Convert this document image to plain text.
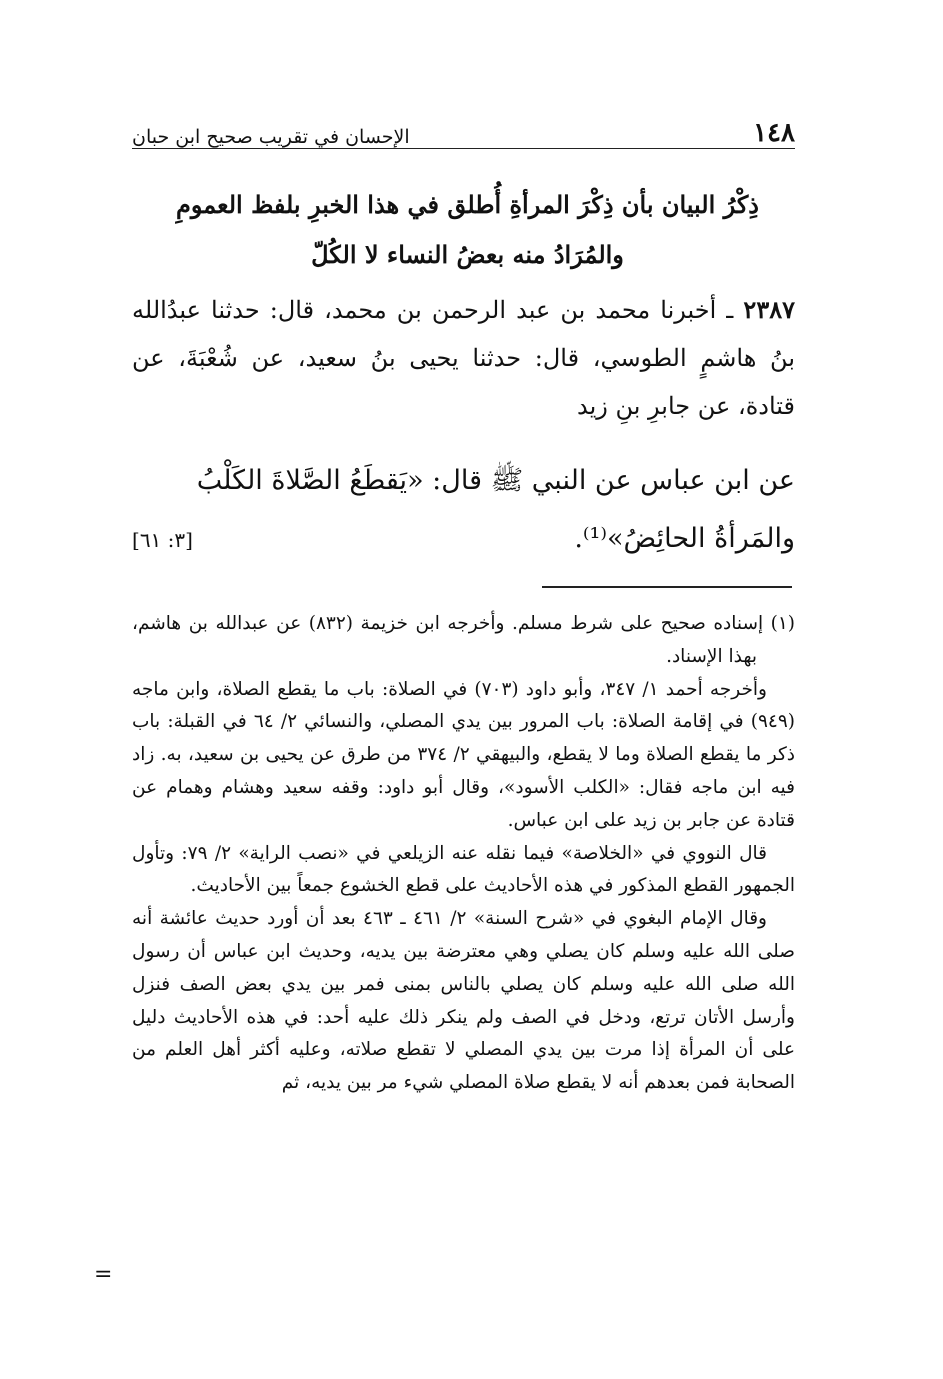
١٤٨
الإحسان في تقريب صحيح ابن حبان
ذِكْرُ البيان بأن ذِكْرَ المرأةِ أُطلق في هذا الخبرِ بلفظ العمومِ
والمُرَادُ منه بعضُ النساء لا الكُلّ
٢٣٨٧ ـ أخبرنا محمد بن عبد الرحمن بن محمد، قال: حدثنا عبدُالله بنُ هاشمٍ الطوسي، قال: حدثنا يحيى بنُ سعيد، عن شُعْبَةَ، عن قتادة، عن جابرِ بنِ زيد
عن ابن عباس عن النبي ﷺ قال: «يَقطَعُ الصَّلاةَ الكَلْبُ
والمَرأةُ الحائِضُ»⁽¹⁾.
[٣: ٦١]

(١) إسناده صحيح على شرط مسلم. وأخرجه ابن خزيمة (٨٣٢) عن عبدالله بن هاشم، بهذا الإسناد.

وأخرجه أحمد ١/ ٣٤٧، وأبو داود (٧٠٣) في الصلاة: باب ما يقطع الصلاة، وابن ماجه (٩٤٩) في إقامة الصلاة: باب المرور بين يدي المصلي، والنسائي ٢/ ٦٤ في القبلة: باب ذكر ما يقطع الصلاة وما لا يقطع، والبيهقي ٢/ ٣٧٤ من طرق عن يحيى بن سعيد، به. زاد فيه ابن ماجه فقال: «الكلب الأسود»، وقال أبو داود: وقفه سعيد وهشام وهمام عن قتادة عن جابر بن زيد على ابن عباس.

قال النووي في «الخلاصة» فيما نقله عنه الزيلعي في «نصب الراية» ٢/ ٧٩: وتأول الجمهور القطع المذكور في هذه الأحاديث على قطع الخشوع جمعاً بين الأحاديث.

وقال الإمام البغوي في «شرح السنة» ٢/ ٤٦١ ـ ٤٦٣ بعد أن أورد حديث عائشة أنه صلى الله عليه وسلم كان يصلي وهي معترضة بين يديه، وحديث ابن عباس أن رسول الله صلى الله عليه وسلم كان يصلي بالناس بمنى فمر بين يدي بعض الصف فنزل وأرسل الأتان ترتع، ودخل في الصف ولم ينكر ذلك عليه أحد: في هذه الأحاديث دليل على أن المرأة إذا مرت بين يدي المصلي لا تقطع صلاته، وعليه أكثر أهل العلم من الصحابة فمن بعدهم أنه لا يقطع صلاة المصلي شيء مر بين يديه، ثم

=
